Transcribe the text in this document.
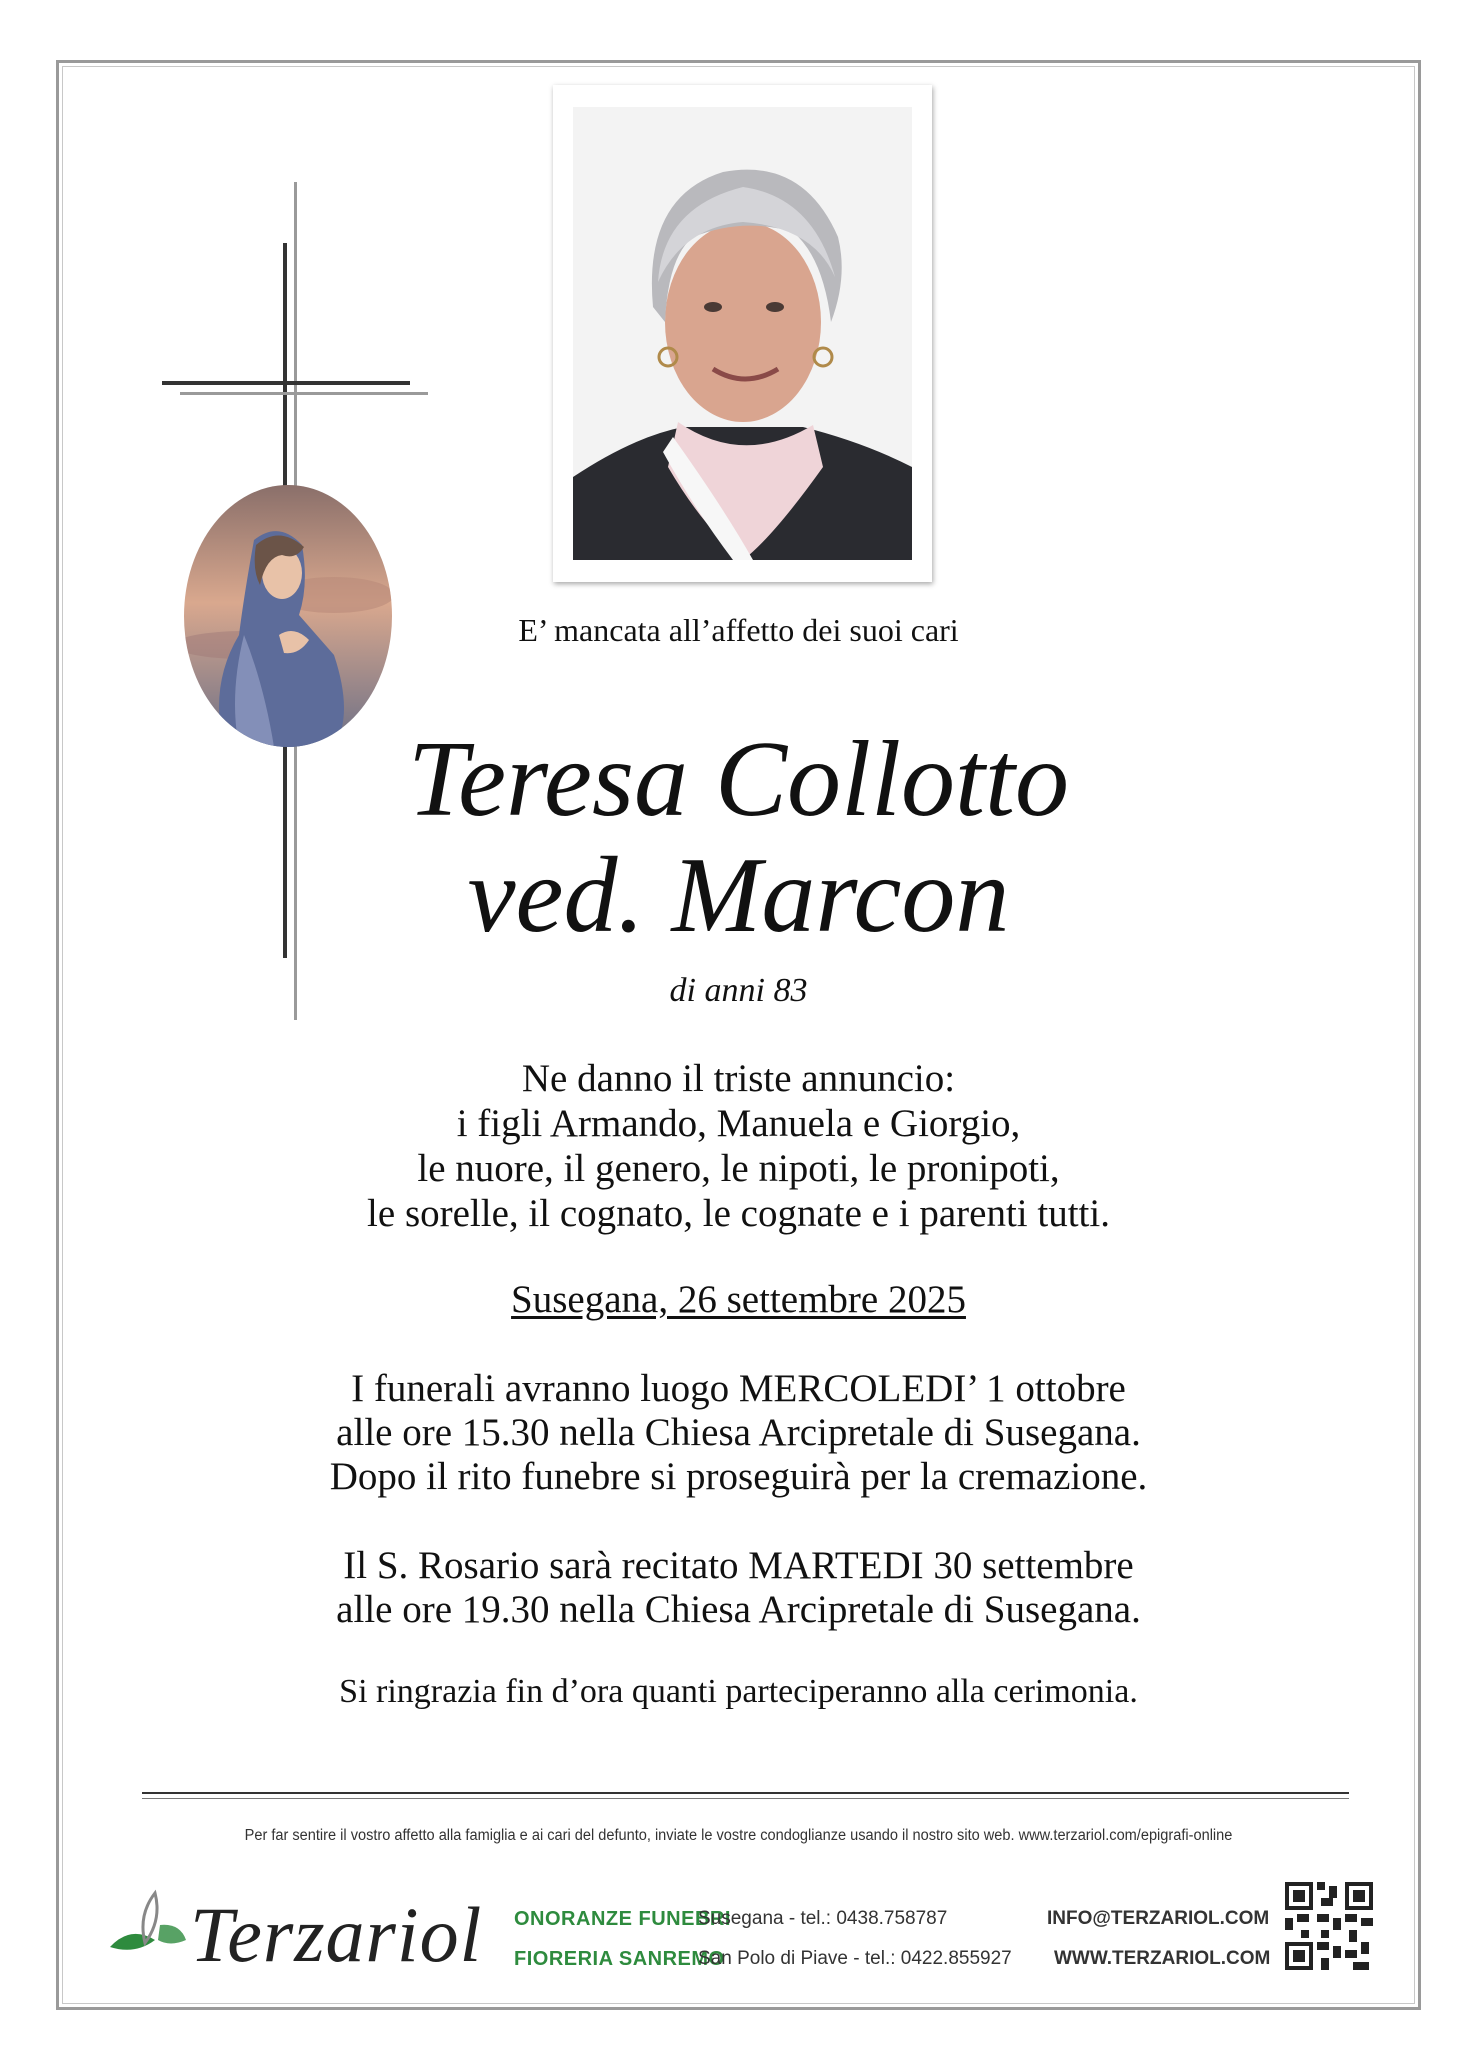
E’ mancata all’affetto dei suoi cari
Teresa Collotto
ved. Marcon
di anni 83
Ne danno il triste annuncio:
i figli Armando, Manuela e Giorgio,
le nuore, il genero, le nipoti, le pronipoti,
le sorelle, il cognato, le cognate e i parenti tutti.
Susegana, 26 settembre 2025
I funerali avranno luogo MERCOLEDI’ 1 ottobre
alle ore 15.30 nella Chiesa Arcipretale di Susegana.
Dopo il rito funebre si proseguirà per la cremazione.
Il S. Rosario sarà recitato MARTEDI 30 settembre
alle ore 19.30 nella Chiesa Arcipretale di Susegana.
Si ringrazia fin d’ora quanti parteciperanno alla cerimonia.
Per far sentire il vostro affetto alla famiglia e ai cari del defunto, inviate le vostre condoglianze usando il nostro sito web. www.terzariol.com/epigrafi-online
Terzariol ONORANZE FUNEBRI
FIORERIA SANREMO
Susegana - tel.: 0438.758787
San Polo di Piave - tel.: 0422.855927
INFO@TERZARIOL.COM
WWW.TERZARIOL.COM
